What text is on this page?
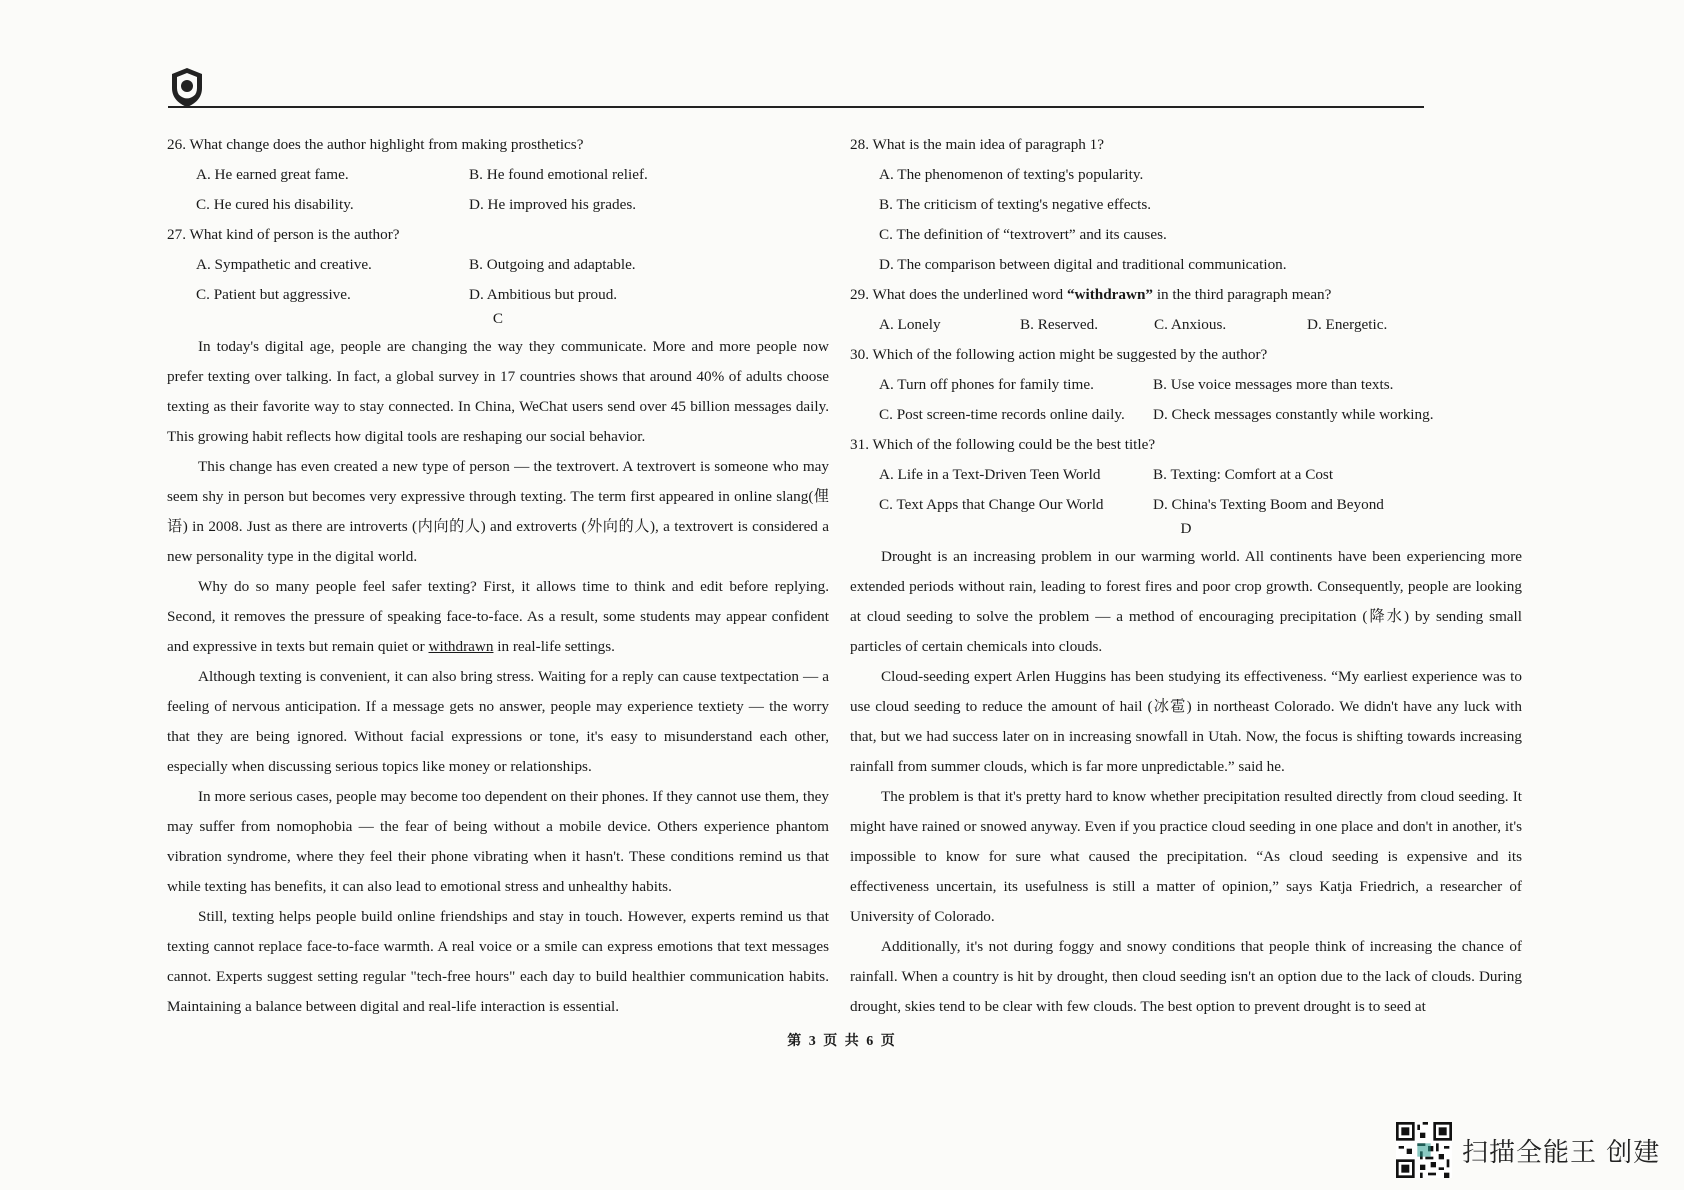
26. What change does the author highlight from making prosthetics?
A. He earned great fame.	B. He found emotional relief.
C. He cured his disability.	D. He improved his grades.
27. What kind of person is the author?
A. Sympathetic and creative.	B. Outgoing and adaptable.
C. Patient but aggressive.	D. Ambitious but proud.
C

In today's digital age, people are changing the way they communicate. More and more people now prefer texting over talking. In fact, a global survey in 17 countries shows that around 40% of adults choose texting as their favorite way to stay connected. In China, WeChat users send over 45 billion messages daily. This growing habit reflects how digital tools are reshaping our social behavior.

This change has even created a new type of person — the textrovert. A textrovert is someone who may seem shy in person but becomes very expressive through texting. The term first appeared in online slang(俚语) in 2008. Just as there are introverts (内向的人) and extroverts (外向的人), a textrovert is considered a new personality type in the digital world.

Why do so many people feel safer texting? First, it allows time to think and edit before replying. Second, it removes the pressure of speaking face-to-face. As a result, some students may appear confident and expressive in texts but remain quiet or withdrawn in real-life settings.

Although texting is convenient, it can also bring stress. Waiting for a reply can cause textpectation — a feeling of nervous anticipation. If a message gets no answer, people may experience textiety — the worry that they are being ignored. Without facial expressions or tone, it's easy to misunderstand each other, especially when discussing serious topics like money or relationships.

In more serious cases, people may become too dependent on their phones. If they cannot use them, they may suffer from nomophobia — the fear of being without a mobile device. Others experience phantom vibration syndrome, where they feel their phone vibrating when it hasn't. These conditions remind us that while texting has benefits, it can also lead to emotional stress and unhealthy habits.

Still, texting helps people build online friendships and stay in touch. However, experts remind us that texting cannot replace face-to-face warmth. A real voice or a smile can express emotions that text messages cannot. Experts suggest setting regular "tech-free hours" each day to build healthier communication habits. Maintaining a balance between digital and real-life interaction is essential.

28. What is the main idea of paragraph 1?
A. The phenomenon of texting's popularity.
B. The criticism of texting's negative effects.
C. The definition of “textrovert” and its causes.
D. The comparison between digital and traditional communication.
29. What does the underlined word “withdrawn” in the third paragraph mean?
A. Lonely	B. Reserved.	C. Anxious.	D. Energetic.
30. Which of the following action might be suggested by the author?
A. Turn off phones for family time.	B. Use voice messages more than texts.
C. Post screen-time records online daily.	D. Check messages constantly while working.
31. Which of the following could be the best title?
A. Life in a Text-Driven Teen World	B. Texting: Comfort at a Cost
C. Text Apps that Change Our World	D. China's Texting Boom and Beyond
D

Drought is an increasing problem in our warming world. All continents have been experiencing more extended periods without rain, leading to forest fires and poor crop growth. Consequently, people are looking at cloud seeding to solve the problem — a method of encouraging precipitation (降水) by sending small particles of certain chemicals into clouds.

Cloud-seeding expert Arlen Huggins has been studying its effectiveness. “My earliest experience was to use cloud seeding to reduce the amount of hail (冰雹) in northeast Colorado. We didn't have any luck with that, but we had success later on in increasing snowfall in Utah. Now, the focus is shifting towards increasing rainfall from summer clouds, which is far more unpredictable.” said he.

The problem is that it's pretty hard to know whether precipitation resulted directly from cloud seeding. It might have rained or snowed anyway. Even if you practice cloud seeding in one place and don't in another, it's impossible to know for sure what caused the precipitation. “As cloud seeding is expensive and its effectiveness uncertain, its usefulness is still a matter of opinion,” says Katja Friedrich, a researcher of University of Colorado.

Additionally, it's not during foggy and snowy conditions that people think of increasing the chance of rainfall. When a country is hit by drought, then cloud seeding isn't an option due to the lack of clouds. During drought, skies tend to be clear with few clouds. The best option to prevent drought is to seed at

第 3 页 共 6 页
扫描全能王 创建
